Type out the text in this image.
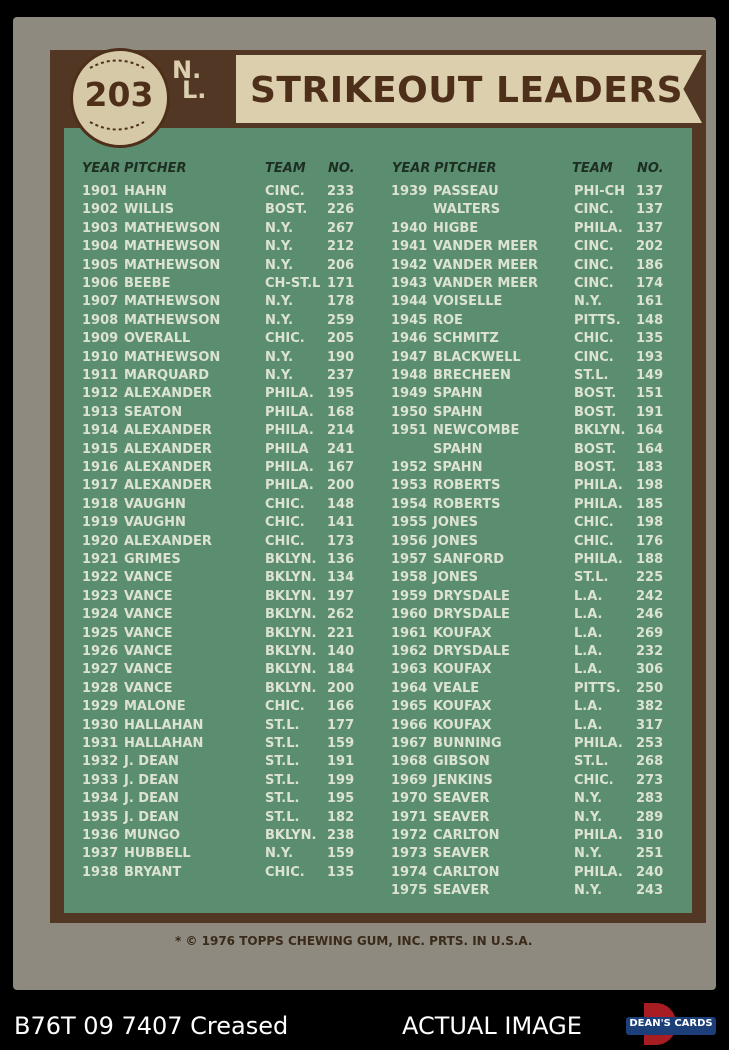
STRIKEOUT LEADERS
203
N.
L.
YEAR PITCHER	TEAM NO.	YEAR PITCHER	TEAM NO.
1901 HAHN	CINC. 233
1902 WILLIS	BOST. 226
1903 MATHEWSON	N.Y.	267
1904 MATHEWSON	N.Y.	212
1905 MATHEWSON	N.Y.	206
1906 BEEBE	CH-ST.L 171
1907 MATHEWSON	N.Y.	178
1908 MATHEWSON	N.Y.	259
1909 OVERALL	CHIC. 205
1910 MATHEWSON	N.Y.	190
1911 MARQUARD	N.Y.	237
1912 ALEXANDER	PHILA. 195
1913 SEATON	PHILA. 168
1914 ALEXANDER	PHILA. 214
1915 ALEXANDER	PHILA 241
1916 ALEXANDER	PHILA. 167
1917 ALEXANDER	PHILA. 200
1918 VAUGHN	CHIC. 148
1919 VAUGHN	CHIC. 141
1920 ALEXANDER	CHIC. 173
1921 GRIMES	BKLYN. 136
1922 VANCE	BKLYN. 134
1923 VANCE	BKLYN. 197
1924 VANCE	BKLYN. 262
1925 VANCE	BKLYN. 221
1926 VANCE	BKLYN. 140
1927 VANCE	BKLYN. 184
1928 VANCE	BKLYN. 200
1929 MALONE	CHIC. 166
1930 HALLAHAN	ST.L. 177
1931 HALLAHAN	ST.L. 159
1932 J. DEAN	ST.L. 191
1933 J. DEAN	ST.L. 199
1934 J. DEAN	ST.L. 195
1935 J. DEAN	ST.L. 182
1936 MUNGO	BKLYN. 238
1937 HUBBELL	N.Y.	159
1938 BRYANT	CHIC. 135
1939 PASSEAU	PHI-CH 137
WALTERS	CINC. 137
1940 HIGBE	PHILA. 137
1941 VANDER MEER	CINC. 202
1942 VANDER MEER	CINC. 186
1943 VANDER MEER	CINC. 174
1944 VOISELLE	N.Y.	161
1945 ROE	PITTS. 148
1946 SCHMITZ	CHIC. 135
1947 BLACKWELL	CINC. 193
1948 BRECHEEN	ST.L. 149
1949 SPAHN	BOST. 151
1950 SPAHN	BOST. 191
1951 NEWCOMBE	BKLYN. 164
SPAHN	BOST. 164
1952 SPAHN	BOST. 183
1953 ROBERTS	PHILA. 198
1954 ROBERTS	PHILA. 185
1955 JONES	CHIC. 198
1956 JONES	CHIC. 176
1957 SANFORD	PHILA. 188
1958 JONES	ST.L. 225
1959 DRYSDALE	L.A.	242
1960 DRYSDALE	L.A.	246
1961 KOUFAX	L.A.	269
1962 DRYSDALE	L.A.	232
1963 KOUFAX	L.A.	306
1964 VEALE	PITTS. 250
1965 KOUFAX	L.A.	382
1966 KOUFAX	L.A.	317
1967 BUNNING	PHILA. 253
1968 GIBSON	ST.L. 268
1969 JENKINS	CHIC. 273
1970 SEAVER	N.Y.	283
1971 SEAVER	N.Y.	289
1972 CARLTON	PHILA. 310
1973 SEAVER	N.Y.	251
1974 CARLTON	PHILA. 240
1975 SEAVER	N.Y.	243
* © 1976 TOPPS CHEWING GUM, INC. PRTS. IN U.S.A.
B76T 09 7407 Creased	ACTUAL IMAGE	DEAN'S CARDS
